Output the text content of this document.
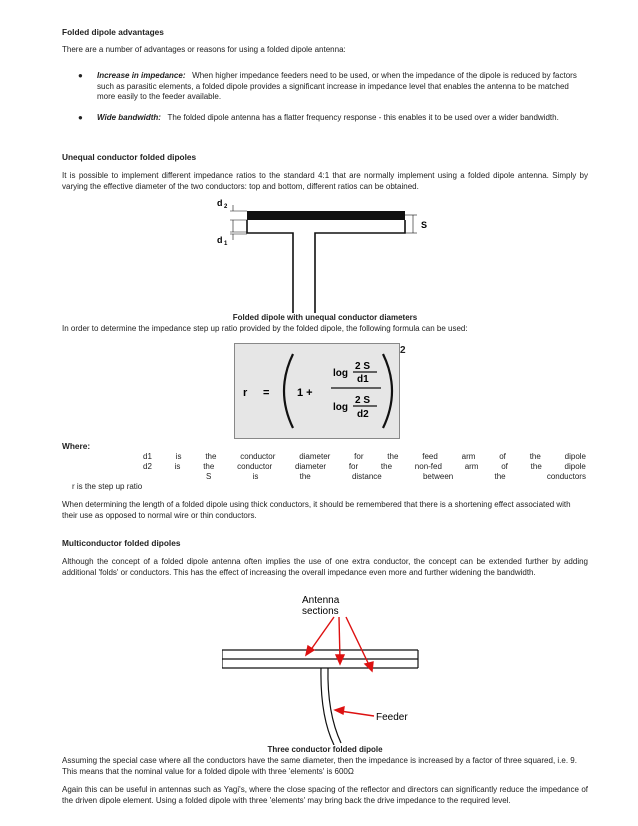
Folded dipole advantages

There are a number of advantages or reasons for using a folded dipole antenna:

● Increase in impedance: When higher impedance feeders need to be used, or when the impedance of the dipole is reduced by factors such as parasitic elements, a folded dipole provides a significant increase in impedance level that enables the antenna to be matched more easily to the feeder available.
● Wide bandwidth: The folded dipole antenna has a flatter frequency response - this enables it to be used over a wider bandwidth.
Unequal conductor folded dipoles

It is possible to implement different impedance ratios to the standard 4:1 that are normally implement using a folded dipole antenna. Simply by varying the effective diameter of the two conductors: top and bottom, different ratios can be obtained.

d 2
d 1
S
Folded dipole with unequal conductor diameters

In order to determine the impedance step up ratio provided by the folded dipole, the following formula can be used:

r =	1 +
log
2 S
d1
log
2 S
d2
2
Where:
d1	is	the	conductor	diameter	for	the	feed	arm	of	the	dipole
d2	is	the	conductor	diameter	for	the	non-fed	arm	of	the	dipole
S	is	the	distance	between	the	conductors
r is the step up ratio

When determining the length of a folded dipole using thick conductors, it should be remembered that there is a shortening effect associated with their use as opposed to normal wire or thin conductors.

Multiconductor folded dipoles

Although the concept of a folded dipole antenna often implies the use of one extra conductor, the concept can be extended further by adding additional 'folds' or conductors. This has the effect of increasing the overall impedance even more and further widening the bandwidth.

Antenna
sections
Feeder
Three conductor folded dipole

Assuming the special case where all the conductors have the same diameter, then the impedance is increased by a factor of three squared, i.e. 9. This means that the nominal value for a folded dipole with three 'elements' is 600Ω

Again this can be useful in antennas such as Yagi's, where the close spacing of the reflector and directors can significantly reduce the impedance of the driven dipole element. Using a folded dipole with three 'elements' may bring back the drive impedance to the required level.
